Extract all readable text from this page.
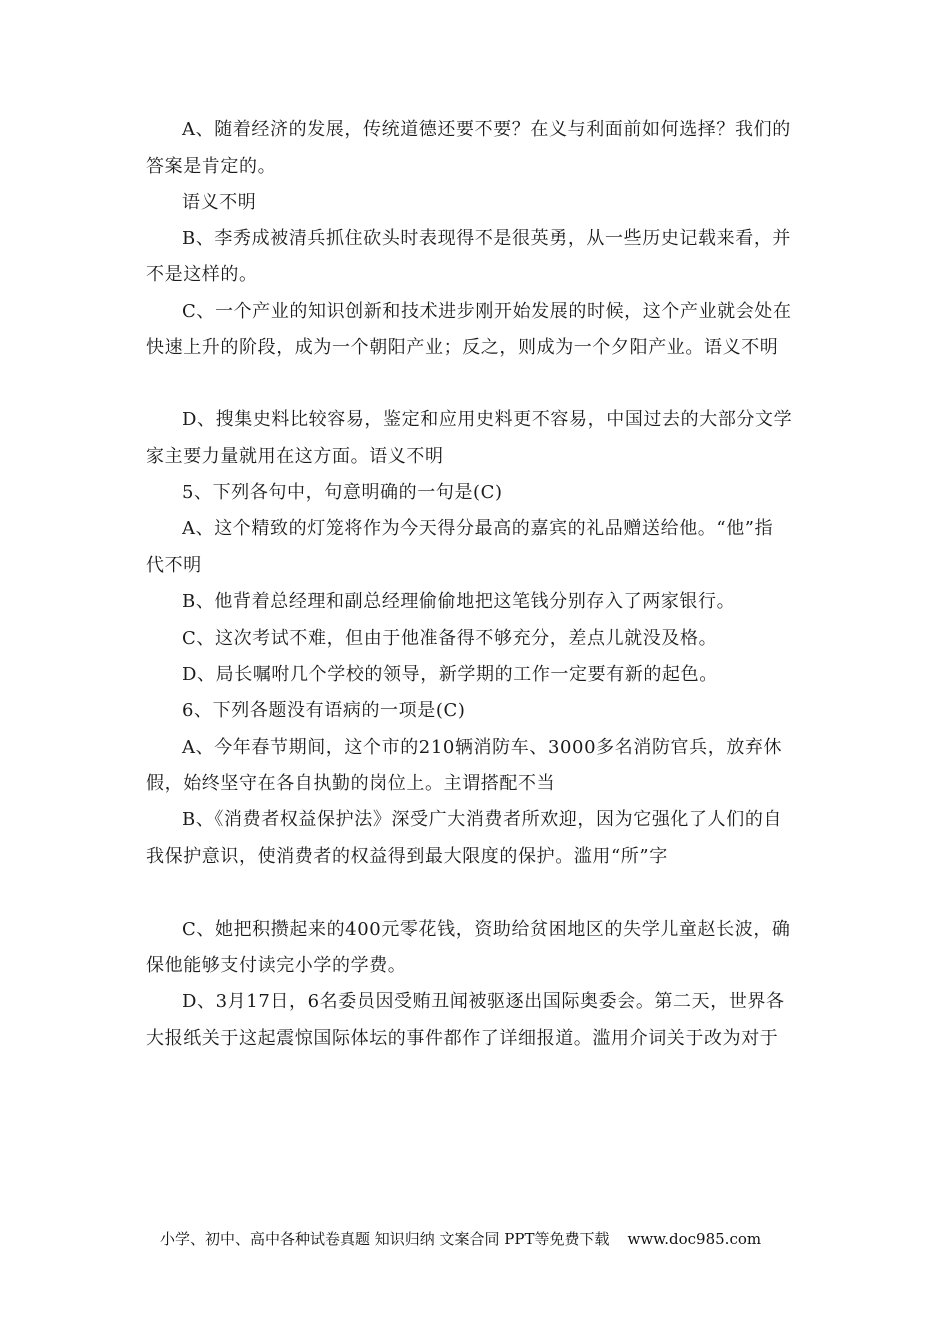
A、随着经济的发展，传统道德还要不要？在义与利面前如何选择？我们的
答案是肯定的。
语义不明
B、李秀成被清兵抓住砍头时表现得不是很英勇，从一些历史记载来看，并
不是这样的。
C、一个产业的知识创新和技术进步刚开始发展的时候，这个产业就会处在
快速上升的阶段，成为一个朝阳产业；反之，则成为一个夕阳产业。语义不明
D、搜集史料比较容易，鉴定和应用史料更不容易，中国过去的大部分文学
家主要力量就用在这方面。语义不明
5、下列各句中，句意明确的一句是(C)
A、这个精致的灯笼将作为今天得分最高的嘉宾的礼品赠送给他。“他”指
代不明
B、他背着总经理和副总经理偷偷地把这笔钱分别存入了两家银行。
C、这次考试不难，但由于他准备得不够充分，差点儿就没及格。
D、局长嘱咐几个学校的领导，新学期的工作一定要有新的起色。
6、下列各题没有语病的一项是(C)
A、今年春节期间，这个市的210辆消防车、3000多名消防官兵，放弃休
假，始终坚守在各自执勤的岗位上。主谓搭配不当
B、《消费者权益保护法》深受广大消费者所欢迎，因为它强化了人们的自
我保护意识，使消费者的权益得到最大限度的保护。滥用“所”字
C、她把积攒起来的400元零花钱，资助给贫困地区的失学儿童赵长波，确
保他能够支付读完小学的学费。
D、3月17日，6名委员因受贿丑闻被驱逐出国际奥委会。第二天，世界各
大报纸关于这起震惊国际体坛的事件都作了详细报道。滥用介词关于改为对于
小学、初中、高中各种试卷真题 知识归纳 文案合同 PPT等免费下载 www.doc985.com
